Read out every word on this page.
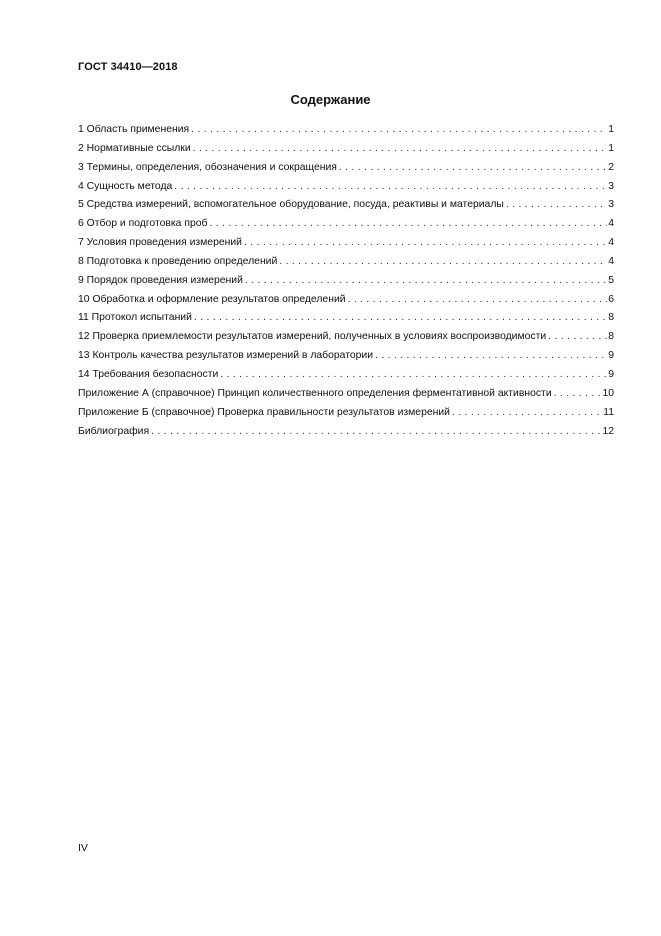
ГОСТ 34410—2018
Содержание
1 Область применения .....	1
2 Нормативные ссылки .....	1
3 Термины, определения, обозначения и сокращения .....	2
4 Сущность метода .....	3
5 Средства измерений, вспомогательное оборудование, посуда, реактивы и материалы .....	3
6 Отбор и подготовка проб .....	4
7 Условия проведения измерений .....	4
8 Подготовка к проведению определений .....	4
9 Порядок проведения измерений .....	5
10 Обработка и оформление результатов определений .....	6
11 Протокол испытаний .....	8
12 Проверка приемлемости результатов измерений, полученных в условиях воспроизводимости .....	8
13 Контроль качества результатов измерений в лаборатории .....	9
14 Требования безопасности .....	9
Приложение А (справочное) Принцип количественного определения ферментативной активности .....	10
Приложение Б (справочное) Проверка правильности результатов измерений .....	11
Библиография .....	12
IV
